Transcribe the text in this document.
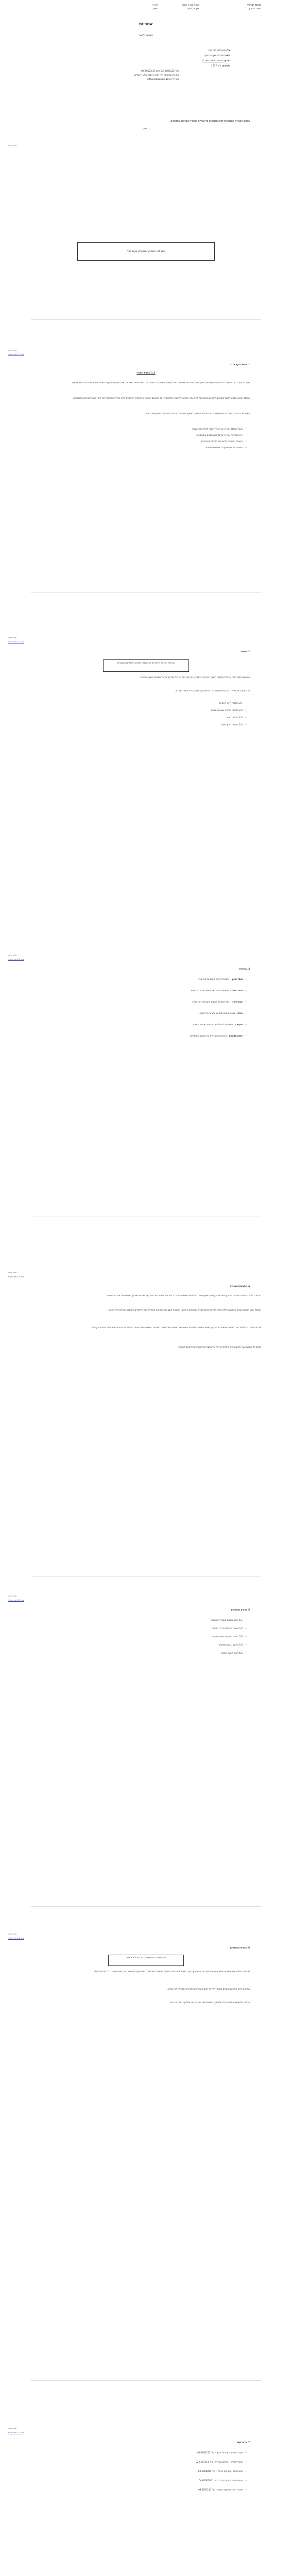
מדינת ישראל
משרד החינוך
מנהל חברה ולבוש
אגף א' חינוך
תאריך
חשוון
אחריות
הנחיות לכנס
אל: מנהלי/ות בתי ספר
מאת: מנהלת אגף א' חינוך
הנדון: תוכנית עבודה לשנה"ל
סימוכין: ב"ר 1237
טל' 02-5602222 פקס 02-5602233
כתובת המשרד: רח' דבורה הנביאה 2, ירושלים
דוא"ל: info@education.gov.il
הסכמי העבודה המצורפים להלן מבוססים על הנחיות המשרד והמועצה הפדגוגית.
בברכה,
מוסד חינוכי
שים לב: המסמך מתעדכן מעת לעת
מוסד חינוכי
מס' 1-1 חוזר מנכ"ל
1. מבוא ורקע כללי
1.1 מטרת החוזר
חוזר זה נועד להסדיר את דרכי העבודה במוסדות החינוך ולקבוע נהלים אחידים לכלל הצוותים החינוכיים. החוזר מפרט את תחומי האחריות, את חלוקת התפקידים ואת לוחות הזמנים הנדרשים לביצוע.
המוסד החינוכי נדרש לפעול בהתאם להנחיות המפורטות להלן, תוך שמירה על זכויות התלמידים ועל ביטחונם האישי. יש להקפיד על תיעוד מלא של כל הפעולות ועל דיווח שוטף לגורמים המוסמכים.
האחריות הכוללת ליישום ההנחיות מוטלת על מנהל/ת המוסד, בשיתוף עם צוות ההנהלה והגורמים המקצועיים במחוז.
• מנהל המוסד אחראי על הפצת החוזר לכלל אנשי הצוות.
• רכז הבטיחות אחראי על בדיקת המבנים והמתקנים.
• היועצת החינוכית תלווה את התלמידים בתהליך.
• הצוות החינוכי ישתתף בהשתלמות ייעודית.
מוסד חינוכי
מס' 1-2 חוזר מנכ"ל
2. תחולה
הוראות חוזר זה חלות על כל מוסדות החינוך הרשמיים והמוכרים
הוראות החוזר חלות על כלל מוסדות החינוך, לרבות גני ילדים, בתי ספר יסודיים ועל-יסודיים, וכן על מוסדות החינוך המיוחד.
בכל מקרה של סתירה בין הוראות חוזר זה להוראות קודמות, יגברו הוראות חוזר זה.
• 2.1 מוסדות חינוך רשמיים
• 2.2 מוסדות מוכרים שאינם רשמיים
• 2.3 מוסדות פטור
• 2.4 מוסדות חינוך מיוחד
מוסד חינוכי
מס' 1-3 חוזר מנכ"ל
3. הגדרות
• מוסד חינוך – כהגדרתו בחוק פיקוח על בתי ספר.
• מנהל מוסד – מי שמונה לנהל את המוסד על ידי הבעלות.
• צוות חינוכי – כלל המורים, הגננות והעובדים הפדגוגיים.
• הורה – לרבות אפוטרופוס או אחראי על הקטין.
• פיקוח – המפקח/ת הכולל/ת על המוסד מטעם המשרד.
• רשות מקומית – הבעלות האחראית על המבנה והתשתיות.
מוסד חינוכי
מס' 1-4 חוזר מנכ"ל
4. עקרונות העבודה
העבודה במוסד החינוכי תתבסס על עקרונות של שקיפות, שיתוף פעולה ואחריות משותפת של כלל הגורמים המעורבים. יש לקיים ישיבות צוות קבועות ולתעד את החלטותיהן.
המוסד יקבע תוכנית עבודה שנתית הכוללת יעדים מדידים, לוחות זמנים ומשאבים נדרשים. התוכנית תוצג בפני הפיקוח בתחילת שנת הלימודים ותעודכן במהלכה לפי הצורך.
יש להבטיח כי כל תלמיד יקבל מענה מותאם לצרכיו, תוך שימת דגש על תלמידים בסיכון ועל תלמידים עם צרכים מיוחדים. הצוות החינוכי יפעל בשיתוף עם ההורים ועם גורמי הרווחה בקהילה.
בסיום כל מחצית יערך סיכום ביניים שיכלול הערכה של השגת היעדים והפקת לקחים להמשך.
מוסד חינוכי
מס' 1-5 חוזר מנכ"ל
5. נהלים ותהליכים
• 5.1 הכנת תוכנית העבודה השנתית
• 5.2 אישור התוכנית על ידי הפיקוח
• 5.3 הפצת התוכנית לצוות ולהורים
• 5.4 מעקב ובקרה שוטפים
• 5.5 דיווח לגורמי המחוז
מוסד חינוכי
מס' 1-6 חוזר מנכ"ל
6. אחריות וסמכויות
האחריות הכוללת מוטלת על מנהל/ת המוסד
מנהל/ת המוסד אחראי/ת על יישום הוראות החוזר ועל הטמעתן בקרב הצוות. המנהל/ת רשאי/ת להאציל סמכויות לבעלי תפקידים במוסד, אך האחריות הכוללת נותרת בידיו/ה.
הפיקוח יקיים ביקורים שוטפים במוסד לבחינת יישום ההנחיות ויספק ליווי מקצועי לפי הצורך.
הרשות המקומית אחראית על התחזוקה השוטפת של המבנים ועל אספקת הציוד הנדרש.
מוסד חינוכי
מס' 1-7 חוזר מנכ"ל
7. פרטי קשר
• מטה המשרד – אגף א' חינוך – טל' 02-5602222
• מחוז ירושלים – הפיקוח הכולל – טל' 02-5601111
• מחוז מרכז – הפיקוח הכולל – טל' 03-6896000
• מחוז צפון – הפיקוח הכולל – טל' 04-6500200
• מחוז דרום – הפיקוח הכולל – טל' 08-6263111
